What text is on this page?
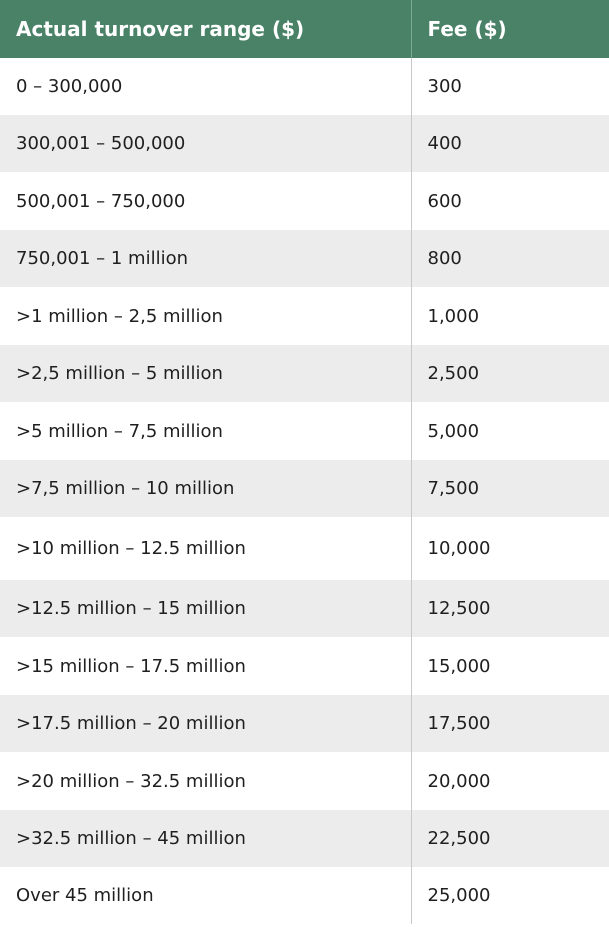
Actual turnover range ($)	Fee ($)
0 – 300,000	300
300,001 – 500,000	400
500,001 – 750,000	600
750,001 – 1 million	800
>1 million – 2,5 million	1,000
>2,5 million – 5 million	2,500
>5 million – 7,5 million	5,000
>7,5 million – 10 million	7,500
>10 million – 12.5 million	10,000
>12.5 million – 15 million	12,500
>15 million – 17.5 million	15,000
>17.5 million – 20 million	17,500
>20 million – 32.5 million	20,000
>32.5 million – 45 million	22,500
Over 45 million	25,000
